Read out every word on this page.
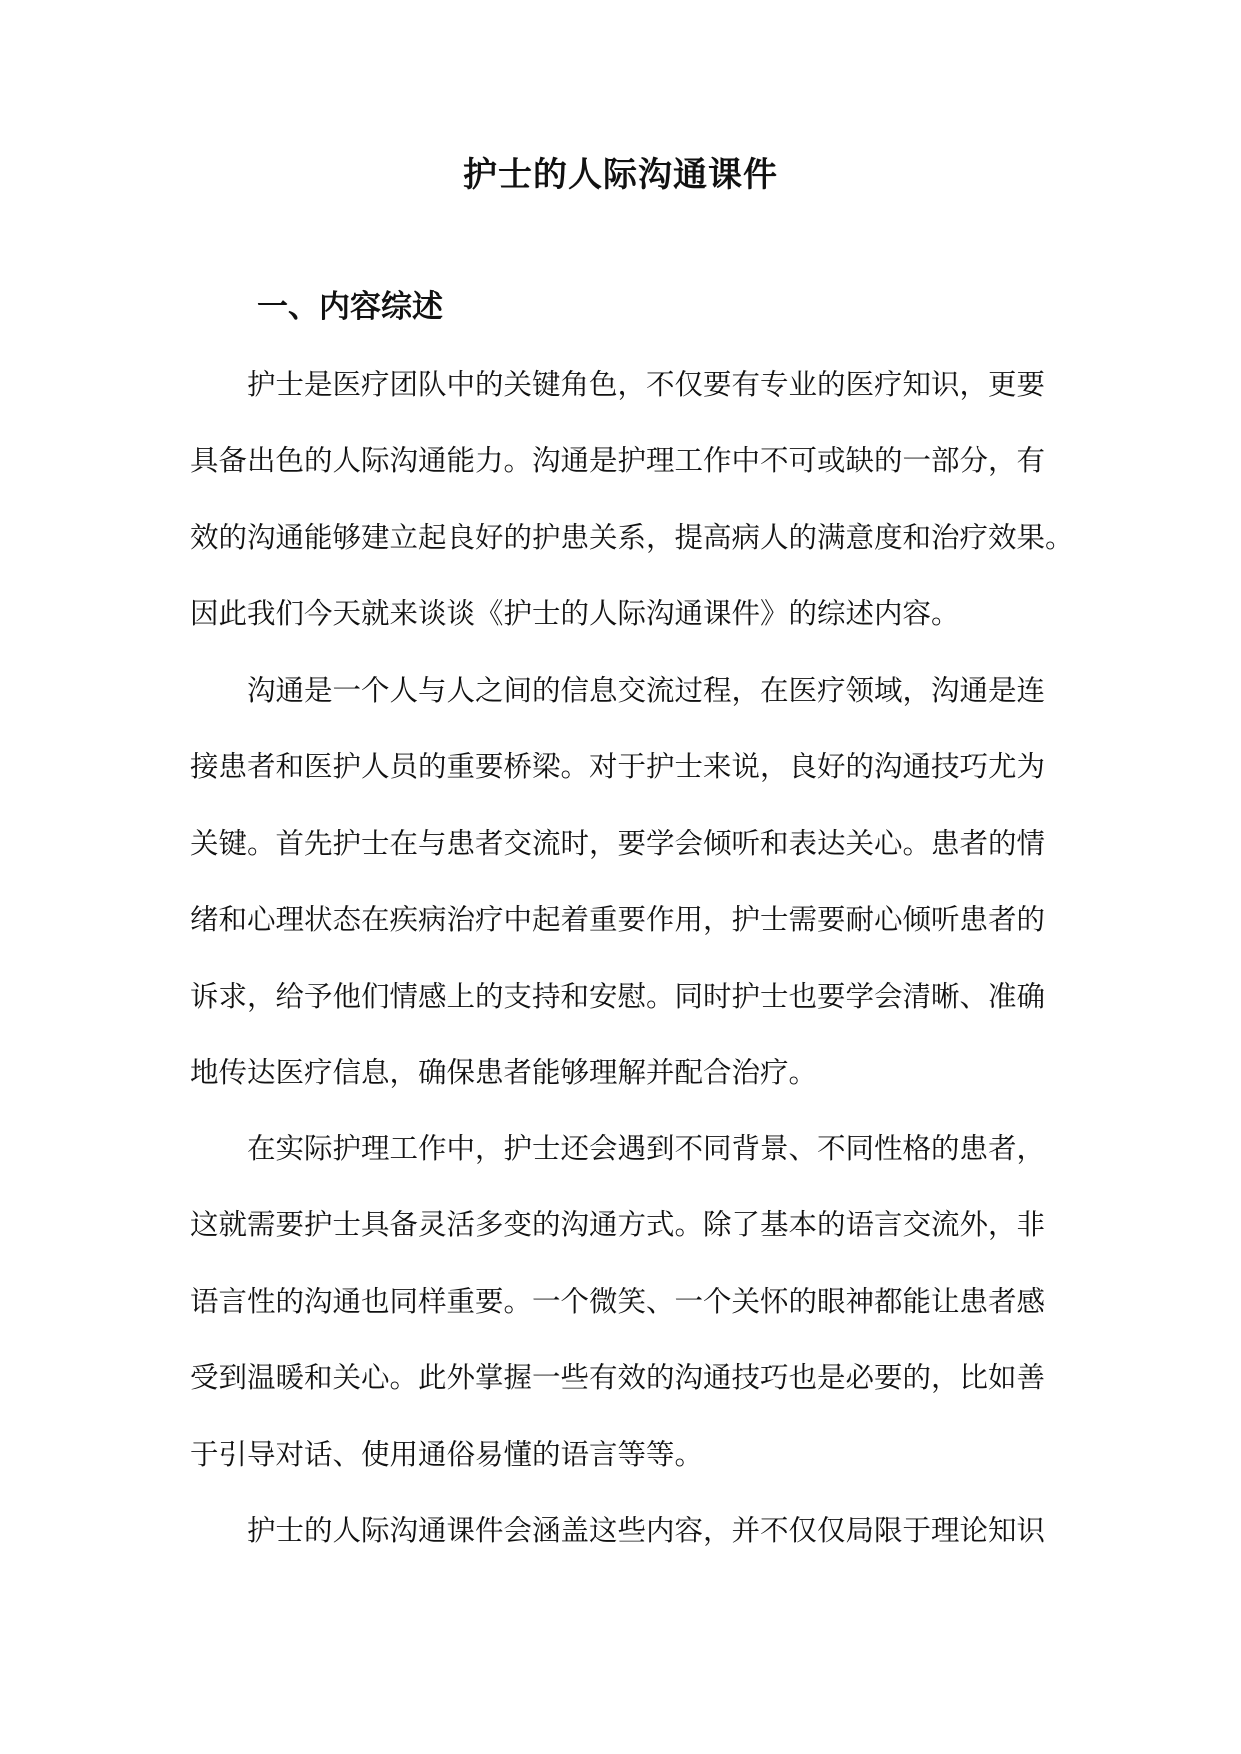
护士的人际沟通课件
一、内容综述
护士是医疗团队中的关键角色，不仅要有专业的医疗知识，更要
具备出色的人际沟通能力。沟通是护理工作中不可或缺的一部分，有
效的沟通能够建立起良好的护患关系，提高病人的满意度和治疗效果。
因此我们今天就来谈谈《护士的人际沟通课件》的综述内容。
沟通是一个人与人之间的信息交流过程，在医疗领域，沟通是连
接患者和医护人员的重要桥梁。对于护士来说，良好的沟通技巧尤为
关键。首先护士在与患者交流时，要学会倾听和表达关心。患者的情
绪和心理状态在疾病治疗中起着重要作用，护士需要耐心倾听患者的
诉求，给予他们情感上的支持和安慰。同时护士也要学会清晰、准确
地传达医疗信息，确保患者能够理解并配合治疗。
在实际护理工作中，护士还会遇到不同背景、不同性格的患者，
这就需要护士具备灵活多变的沟通方式。除了基本的语言交流外，非
语言性的沟通也同样重要。一个微笑、一个关怀的眼神都能让患者感
受到温暖和关心。此外掌握一些有效的沟通技巧也是必要的，比如善
于引导对话、使用通俗易懂的语言等等。
护士的人际沟通课件会涵盖这些内容，并不仅仅局限于理论知识
